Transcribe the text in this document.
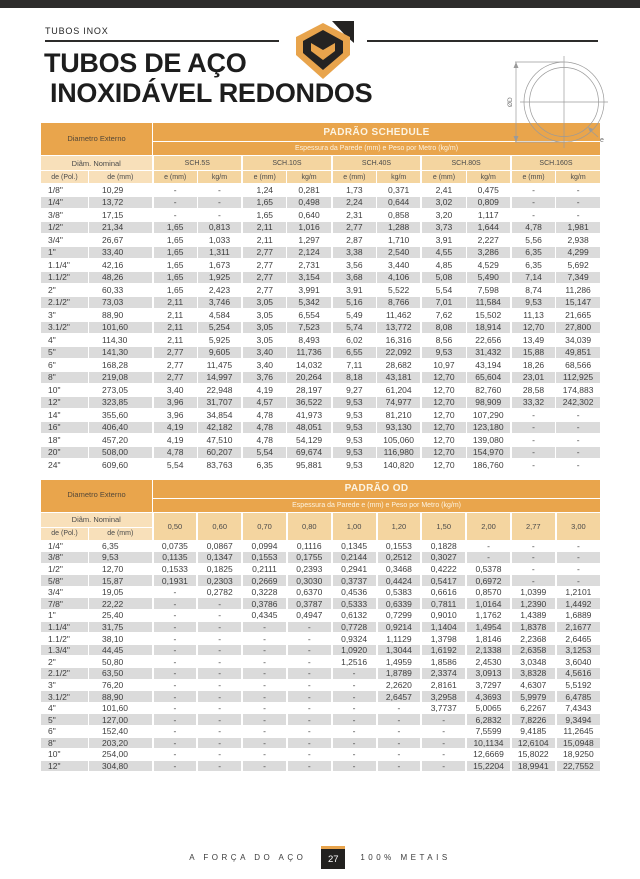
TUBOS INOX
TUBOS DE AÇO
INOXIDÁVEL REDONDOS	ØD
e
Diametro Externo		PADRÃO SCHEDULE									
		Espessura da Parede (mm) e Peso por Metro (kg/m)									
Diâm. Nominal		SCH.5S		SCH.10S		SCH.40S		SCH.80S		SCH.160S	
de (Pol.)	de (mm)	e (mm)	kg/m	e (mm)	kg/m	e (mm)	kg/m	e (mm)	kg/m	e (mm)	kg/m
1/8"	10,29	-	-	1,24	0,281	1,73	0,371	2,41	0,475	-	-
1/4"	13,72	-	-	1,65	0,498	2,24	0,644	3,02	0,809	-	-
3/8"	17,15	-	-	1,65	0,640	2,31	0,858	3,20	1,117	-	-
1/2"	21,34	1,65	0,813	2,11	1,016	2,77	1,288	3,73	1,644	4,78	1,981
3/4"	26,67	1,65	1,033	2,11	1,297	2,87	1,710	3,91	2,227	5,56	2,938
1"	33,40	1,65	1,311	2,77	2,124	3,38	2,540	4,55	3,286	6,35	4,299
1.1/4"	42,16	1,65	1,673	2,77	2,731	3,56	3,440	4,85	4,529	6,35	5,692
1.1/2"	48,26	1,65	1,925	2,77	3,154	3,68	4,106	5,08	5,490	7,14	7,349
2"	60,33	1,65	2,423	2,77	3,991	3,91	5,522	5,54	7,598	8,74	11,286
2.1/2"	73,03	2,11	3,746	3,05	5,342	5,16	8,766	7,01	11,584	9,53	15,147
3"	88,90	2,11	4,584	3,05	6,554	5,49	11,462	7,62	15,502	11,13	21,665
3.1/2"	101,60	2,11	5,254	3,05	7,523	5,74	13,772	8,08	18,914	12,70	27,800
4"	114,30	2,11	5,925	3,05	8,493	6,02	16,316	8,56	22,656	13,49	34,039
5"	141,30	2,77	9,605	3,40	11,736	6,55	22,092	9,53	31,432	15,88	49,851
6"	168,28	2,77	11,475	3,40	14,032	7,11	28,682	10,97	43,194	18,26	68,566
8"	219,08	2,77	14,997	3,76	20,264	8,18	43,181	12,70	65,604	23,01	112,925
10"	273,05	3,40	22,948	4,19	28,197	9,27	61,204	12,70	82,760	28,58	174,883
12"	323,85	3,96	31,707	4,57	36,522	9,53	74,977	12,70	98,909	33,32	242,302
14"	355,60	3,96	34,854	4,78	41,973	9,53	81,210	12,70	107,290	-	-
16"	406,40	4,19	42,182	4,78	48,051	9,53	93,130	12,70	123,180	-	-
18"	457,20	4,19	47,510	4,78	54,129	9,53	105,060	12,70	139,080	-	-
20"	508,00	4,78	60,207	5,54	69,674	9,53	116,980	12,70	154,970	-	-
24"	609,60	5,54	83,763	6,35	95,881	9,53	140,820	12,70	186,760	-	-
Diametro Externo		PADRÃO OD									
		Espessura da Parede e (mm) e Peso por Metro (kg/m)									
Diâm. Nominal		0,50	0,60	0,70	0,80	1,00	1,20	1,50	2,00	2,77	3,00
de (Pol.)	de (mm)										
1/4"	6,35	0,0735	0,0867	0,0994	0,1116	0,1345	0,1553	0,1828	-	-	-
3/8"	9,53	0,1135	0,1347	0,1553	0,1755	0,2144	0,2512	0,3027	-	-	-
1/2"	12,70	0,1533	0,1825	0,2111	0,2393	0,2941	0,3468	0,4222	0,5378	-	-
5/8"	15,87	0,1931	0,2303	0,2669	0,3030	0,3737	0,4424	0,5417	0,6972	-	-
3/4"	19,05	-	0,2782	0,3228	0,6370	0,4536	0,5383	0,6616	0,8570	1,0399	1,2101
7/8"	22,22	-	-	0,3786	0,3787	0,5333	0,6339	0,7811	1,0164	1,2390	1,4492
1"	25,40	-	-	0,4345	0,4947	0,6132	0,7299	0,9010	1,1762	1,4389	1,6889
1.1/4"	31,75	-	-	-	-	0,7728	0,9214	1,1404	1,4954	1,8378	2,1677
1.1/2"	38,10	-	-	-	-	0,9324	1,1129	1,3798	1,8146	2,2368	2,6465
1.3/4"	44,45	-	-	-	-	1,0920	1,3044	1,6192	2,1338	2,6358	3,1253
2"	50,80	-	-	-	-	1,2516	1,4959	1,8586	2,4530	3,0348	3,6040
2.1/2"	63,50	-	-	-	-	-	1,8789	2,3374	3,0913	3,8328	4,5616
3"	76,20	-	-	-	-	-	2,2620	2,8161	3,7297	4,6307	5,5192
3.1/2"	88,90	-	-	-	-	-	2,6457	3,2958	4,3693	5,9979	6,4785
4"	101,60	-	-	-	-	-	-	3,7737	5,0065	6,2267	7,4343
5"	127,00	-	-	-	-	-	-	-	6,2832	7,8226	9,3494
6"	152,40	-	-	-	-	-	-	-	7,5599	9,4185	11,2645
8"	203,20	-	-	-	-	-	-	-	10,1134	12,6104	15,0948
10"	254,00	-	-	-	-	-	-	-	12,6669	15,8022	18,9250
12"	304,80	-	-	-	-	-	-	-	15,2204	18,9941	22,7552
A FORÇA DO AÇO 27	100% METAIS
